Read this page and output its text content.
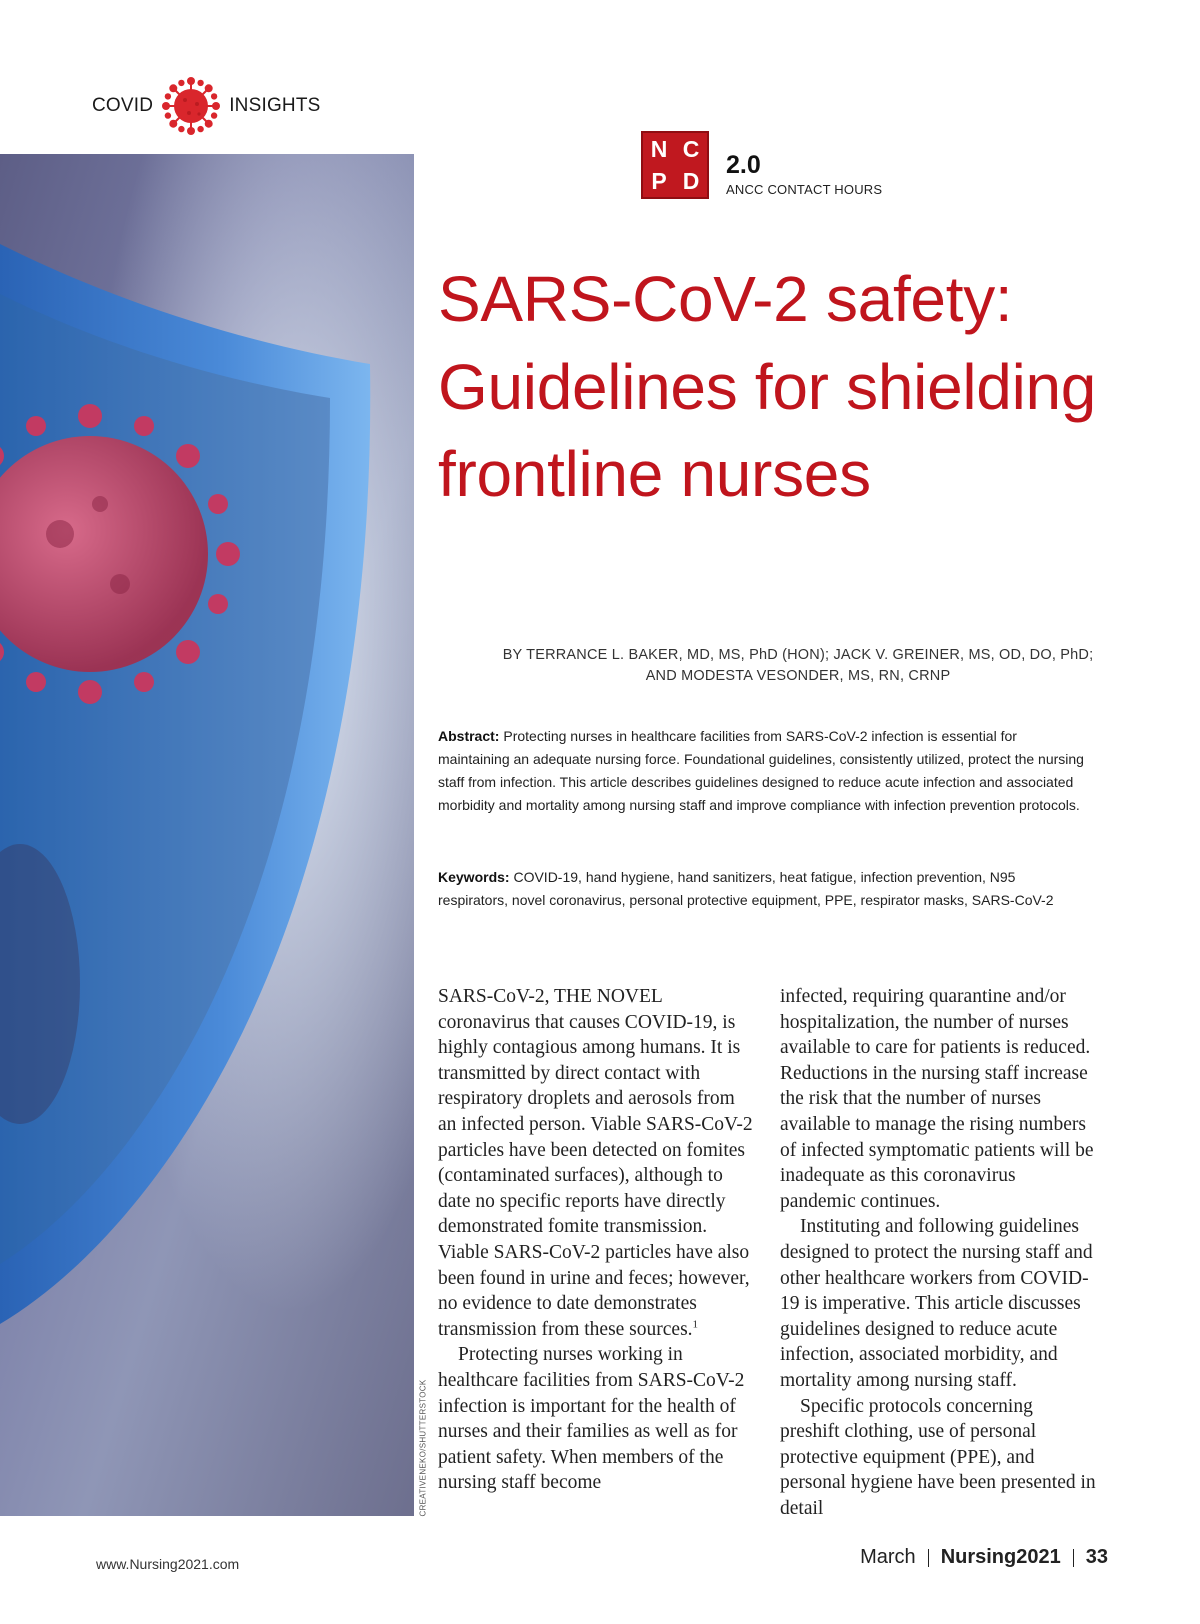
COVID	INSIGHTS
CREATIVENEKO/SHUTTERSTOCK
N C
P D
2.0
ANCC CONTACT HOURS
SARS-CoV-2 safety: Guidelines for shielding frontline nurses
BY TERRANCE L. BAKER, MD, MS, PhD (HON); JACK V. GREINER, MS, OD, DO, PhD;
AND MODESTA VESONDER, MS, RN, CRNP

Abstract: Protecting nurses in healthcare facilities from SARS-CoV-2 infection is essential for maintaining an adequate nursing force. Foundational guidelines, consistently utilized, protect the nursing staff from infection. This article describes guidelines designed to reduce acute infection and associated morbidity and mortality among nursing staff and improve compliance with infection prevention protocols.

Keywords: COVID-19, hand hygiene, hand sanitizers, heat fatigue, infection prevention, N95 respirators, novel coronavirus, personal protective equipment, PPE, respirator masks, SARS-CoV-2

SARS-CoV-2, THE NOVEL coronavirus that causes COVID-19, is highly contagious among humans. It is transmitted by direct contact with respiratory droplets and aerosols from an infected person. Viable SARS-CoV-2 particles have been detected on fomites (contaminated surfaces), although to date no specific reports have directly demonstrated fomite transmission. Viable SARS-CoV-2 particles have also been found in urine and feces; however, no evidence to date demonstrates transmission from these sources.$^1$

Protecting nurses working in healthcare facilities from SARS-CoV-2 infection is important for the health of nurses and their families as well as for patient safety. When members of the nursing staff become

infected, requiring quarantine and/or hospitalization, the number of nurses available to care for patients is reduced. Reductions in the nursing staff increase the risk that the number of nurses available to manage the rising numbers of infected symptomatic patients will be inadequate as this coronavirus pandemic continues.

Instituting and following guidelines designed to protect the nursing staff and other healthcare workers from COVID-19 is imperative. This article discusses guidelines designed to reduce acute infection, associated morbidity, and mortality among nursing staff.

Specific protocols concerning preshift clothing, use of personal protective equipment (PPE), and personal hygiene have been presented in detail

www.Nursing2021.com	March Nursing2021 33
